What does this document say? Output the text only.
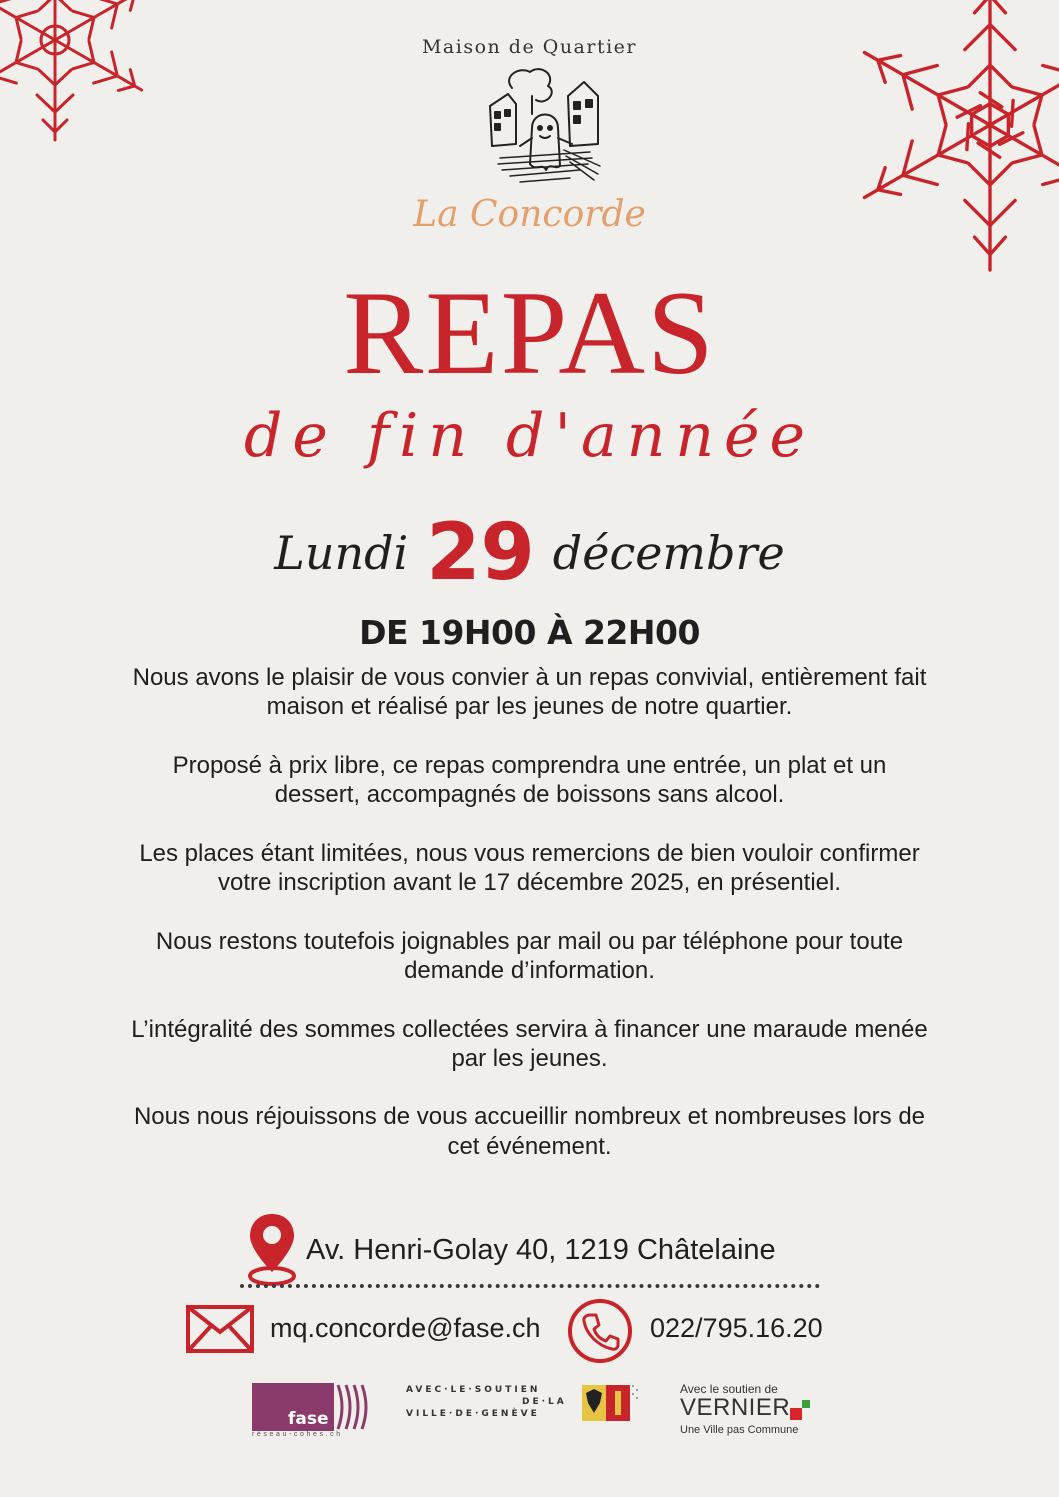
Maison de Quartier
La Concorde
REPAS
de fin d'année
Lundi 29 décembre
DE 19H00 À 22H00

Nous avons le plaisir de vous convier à un repas convivial, entièrement fait maison et réalisé par les jeunes de notre quartier.

Proposé à prix libre, ce repas comprendra une entrée, un plat et un dessert, accompagnés de boissons sans alcool.

Les places étant limitées, nous vous remercions de bien vouloir confirmer votre inscription avant le 17 décembre 2025, en présentiel.

Nous restons toutefois joignables par mail ou par téléphone pour toute demande d’information.

L’intégralité des sommes collectées servira à financer une maraude menée par les jeunes.

Nous nous réjouissons de vous accueillir nombreux et nombreuses lors de cet événement.

Av. Henri-Golay 40, 1219 Châtelaine
mq.concorde@fase.ch	022/795.16.20
fase
réseau-cohes.ch
AVEC·LE·SOUTIEN
DE·LA
VILLE·DE·GENÈVE
Avec le soutien de
VERNIER
Une Ville pas Commune
